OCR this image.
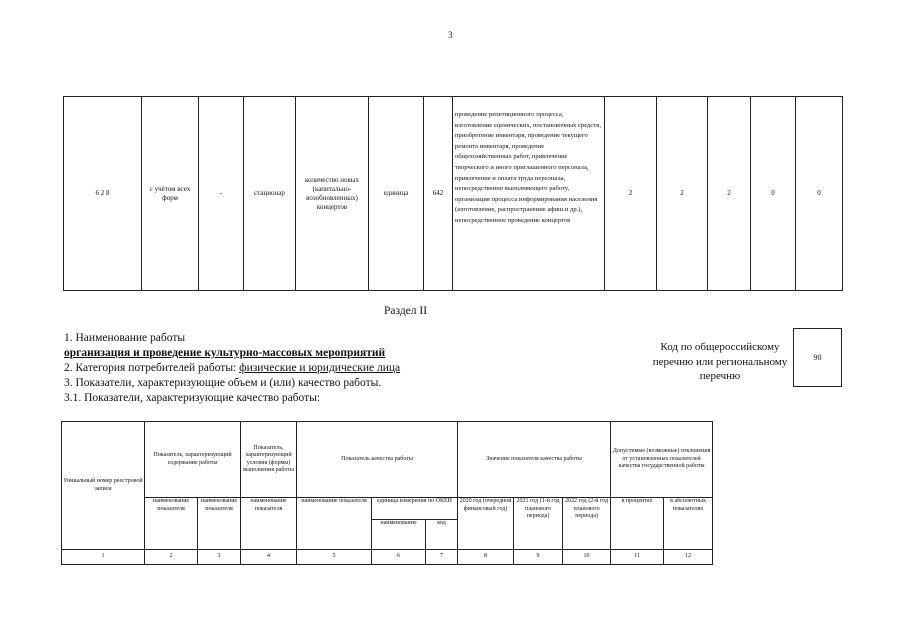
3
6 2 8	с учётом всех форм	-	стационар	количество новых (капитально-возобновленных) концертов	единица	642	проведение репетиционного процесса, изготовление сценических, постановочных средств, приобретение инвентаря, проведение текущего ремонта инвентаря, проведение общехозяйственных работ, привлечение творческого и иного приглашенного персонала, привлечение и оплата труда персонала, непосредственно выполняющего работу, организация процесса информирования населения (изготовление, распространение афиш и др.), непосредственное проведение концертов	2	2	2	0	0
Раздел II
1. Наименование работы
организация и проведение культурно-массовых мероприятий
2. Категория потребителей работы: физические и юридические лица
3. Показатели, характеризующие объем и (или) качество работы.
3.1. Показатели, характеризующие качество работы:
Код по общероссийскому перечню или региональному перечню
90
Уникальный номер реестровой записи	Показатель, характеризующий содержание работы		Показатель, характеризующий условия (формы) выполнения работы	Показатель качества работы			Значение показателя качества работы			Допустимые (возможные) отклонения от установленных показателей качества государственной работы	
	наименование показателя	наименование показателя	наименование показателя	наименование показателя	единица измерения по ОКЕИ		2020 год (очередной финансовый год)	2021 год (1-й год планового периода)	2022 год (2-й год планового периода)	в процентах	в абсолютных показателях
					наименование	код					
1	2	3	4	5	6	7	8	9	10	11	12
